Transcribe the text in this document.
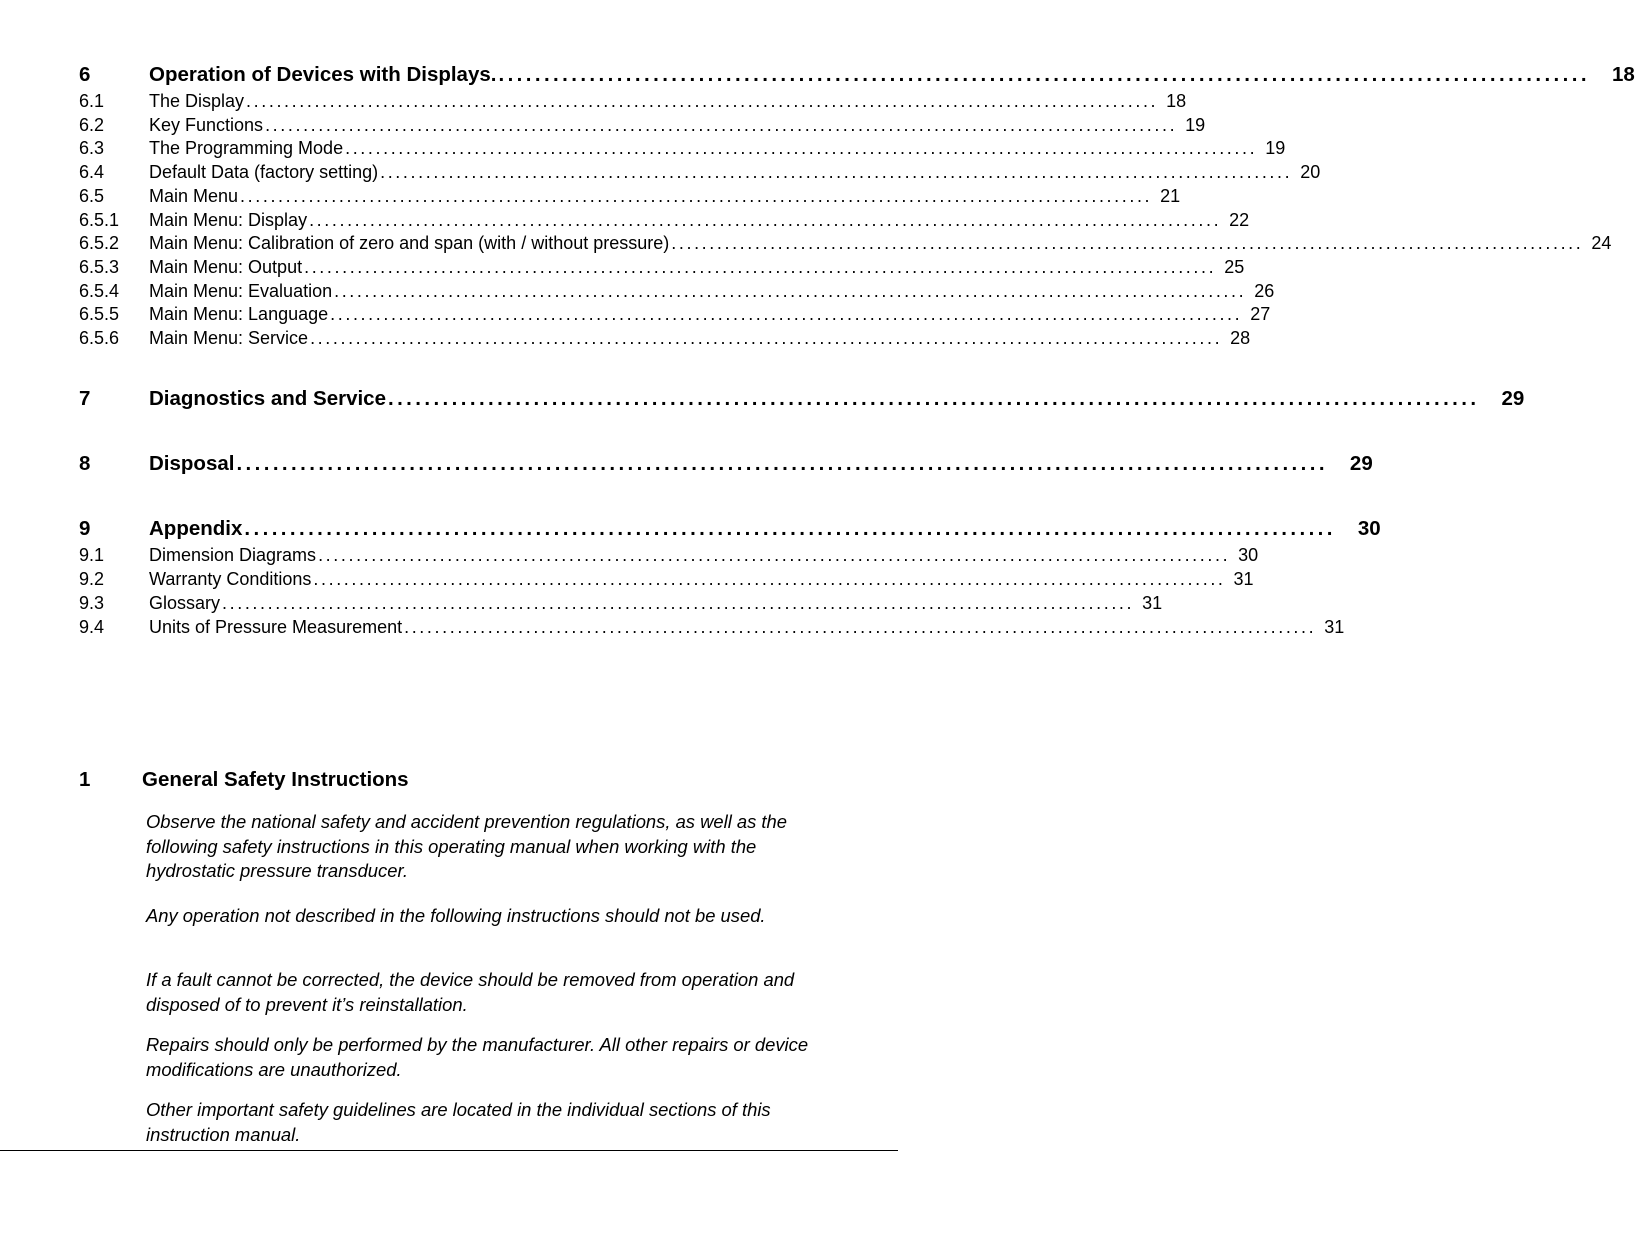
6	Operation of Devices with Displays. ........................................................................................................................	18
6.1	The Display ........................................................................................................................ 18
6.2	Key Functions ........................................................................................................................ 19
6.3	The Programming Mode ........................................................................................................................ 19
6.4	Default Data (factory setting) ........................................................................................................................ 20
6.5	Main Menu ........................................................................................................................ 21
6.5.1	Main Menu: Display ........................................................................................................................ 22
6.5.2	Main Menu: Calibration of zero and span (with / without pressure) ........................................................................................................................ 24
6.5.3	Main Menu: Output ........................................................................................................................ 25
6.5.4	Main Menu: Evaluation ........................................................................................................................ 26
6.5.5	Main Menu: Language ........................................................................................................................ 27
6.5.6	Main Menu: Service ........................................................................................................................ 28
7	Diagnostics and Service ........................................................................................................................	29
8	Disposal ........................................................................................................................	29
9	Appendix ........................................................................................................................	30
9.1	Dimension Diagrams ........................................................................................................................ 30
9.2	Warranty Conditions ........................................................................................................................ 31
9.3	Glossary ........................................................................................................................ 31
9.4	Units of Pressure Measurement ........................................................................................................................ 31
1	General Safety Instructions

Observe the national safety and accident prevention regulations, as well as the following safety instructions in this operating manual when working with the hydrostatic pressure transducer.

Any operation not described in the following instructions should not be used.

If a fault cannot be corrected, the device should be removed from operation and disposed of to prevent it’s reinstallation.

Repairs should only be performed by the manufacturer. All other repairs or device modifications are unauthorized.

Other important safety guidelines are located in the individual sections of this instruction manual.
